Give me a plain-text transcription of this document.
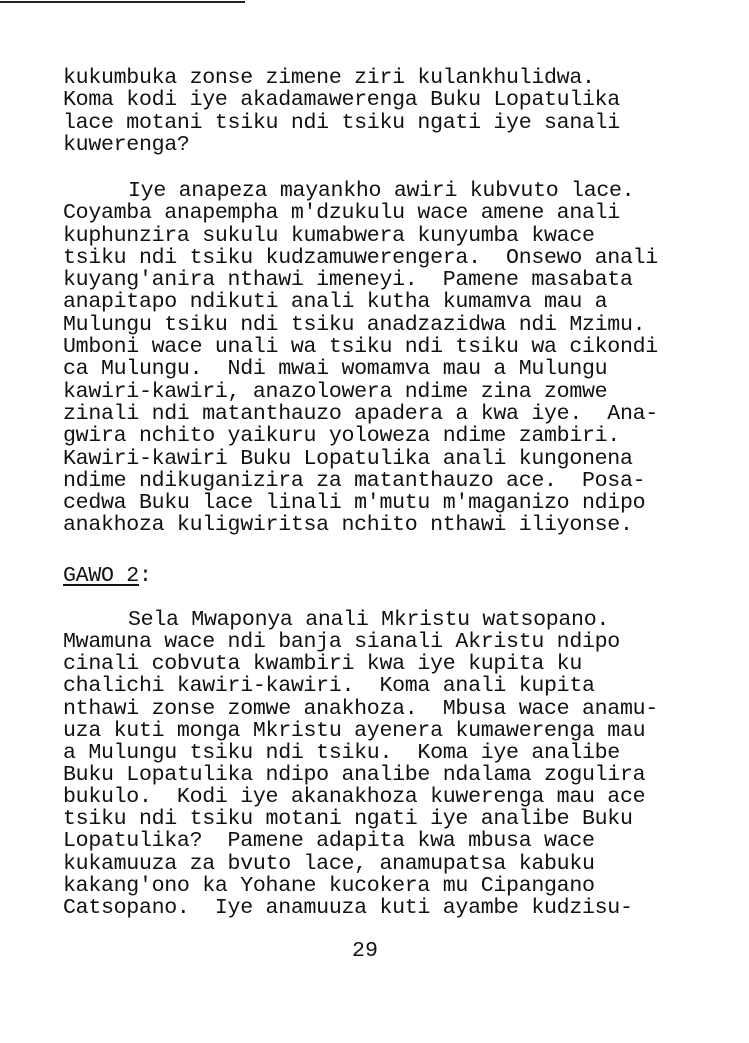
kukumbuka zonse zimene ziri kulankhulidwa.
Koma kodi iye akadamawerenga Buku Lopatulika
lace motani tsiku ndi tsiku ngati iye sanali
kuwerenga?
Iye anapeza mayankho awiri kubvuto lace.
Coyamba anapempha m'dzukulu wace amene anali
kuphunzira sukulu kumabwera kunyumba kwace
tsiku ndi tsiku kudzamuwerengera.  Onsewo anali
kuyang'anira nthawi imeneyi.  Pamene masabata
anapitapo ndikuti anali kutha kumamva mau a
Mulungu tsiku ndi tsiku anadzazidwa ndi Mzimu.
Umboni wace unali wa tsiku ndi tsiku wa cikondi
ca Mulungu.  Ndi mwai womamva mau a Mulungu
kawiri-kawiri, anazolowera ndime zina zomwe
zinali ndi matanthauzo apadera a kwa iye.  Ana-
gwira nchito yaikuru yoloweza ndime zambiri.
Kawiri-kawiri Buku Lopatulika anali kungonena
ndime ndikuganizira za matanthauzo ace.  Posa-
cedwa Buku lace linali m'mutu m'maganizo ndipo
anakhoza kuligwiritsa nchito nthawi iliyonse.
GAWO 2:
Sela Mwaponya anali Mkristu watsopano.
Mwamuna wace ndi banja sianali Akristu ndipo
cinali cobvuta kwambiri kwa iye kupita ku
chalichi kawiri-kawiri.  Koma anali kupita
nthawi zonse zomwe anakhoza.  Mbusa wace anamu-
uza kuti monga Mkristu ayenera kumawerenga mau
a Mulungu tsiku ndi tsiku.  Koma iye analibe
Buku Lopatulika ndipo analibe ndalama zogulira
bukulo.  Kodi iye akanakhoza kuwerenga mau ace
tsiku ndi tsiku motani ngati iye analibe Buku
Lopatulika?  Pamene adapita kwa mbusa wace
kukamuuza za bvuto lace, anamupatsa kabuku
kakang'ono ka Yohane kucokera mu Cipangano
Catsopano.  Iye anamuuza kuti ayambe kudzisu-
29
